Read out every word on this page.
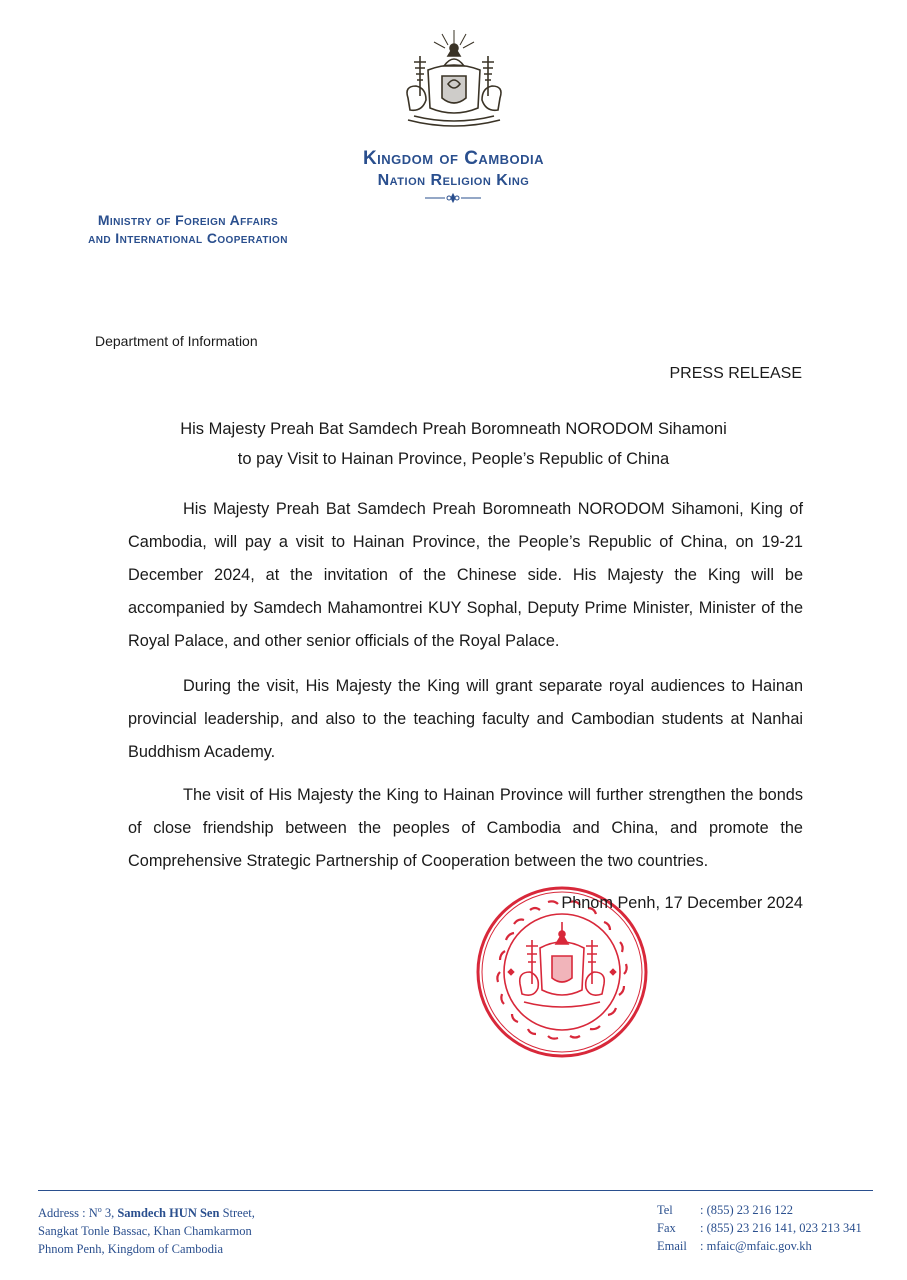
Kingdom of Cambodia
Nation Religion King
Ministry of Foreign Affairs
and International Cooperation
Department of Information
PRESS RELEASE
His Majesty Preah Bat Samdech Preah Boromneath NORODOM Sihamoni
to pay Visit to Hainan Province, People’s Republic of China

His Majesty Preah Bat Samdech Preah Boromneath NORODOM Sihamoni, King of Cambodia, will pay a visit to Hainan Province, the People’s Republic of China, on 19-21 December 2024, at the invitation of the Chinese side. His Majesty the King will be accompanied by Samdech Mahamontrei KUY Sophal, Deputy Prime Minister, Minister of the Royal Palace, and other senior officials of the Royal Palace.

During the visit, His Majesty the King will grant separate royal audiences to Hainan provincial leadership, and also to the teaching faculty and Cambodian students at Nanhai Buddhism Academy.

The visit of His Majesty the King to Hainan Province will further strengthen the bonds of close friendship between the peoples of Cambodia and China, and promote the Comprehensive Strategic Partnership of Cooperation between the two countries.

Phnom Penh, 17 December 2024
Address : $N^o$ 3, Samdech HUN Sen Street,
Sangkat Tonle Bassac, Khan Chamkarmon
Phnom Penh, Kingdom of Cambodia
Tel : (855) 23 216 122
Fax : (855) 23 216 141, 023 213 341
Email : mfaic@mfaic.gov.kh
